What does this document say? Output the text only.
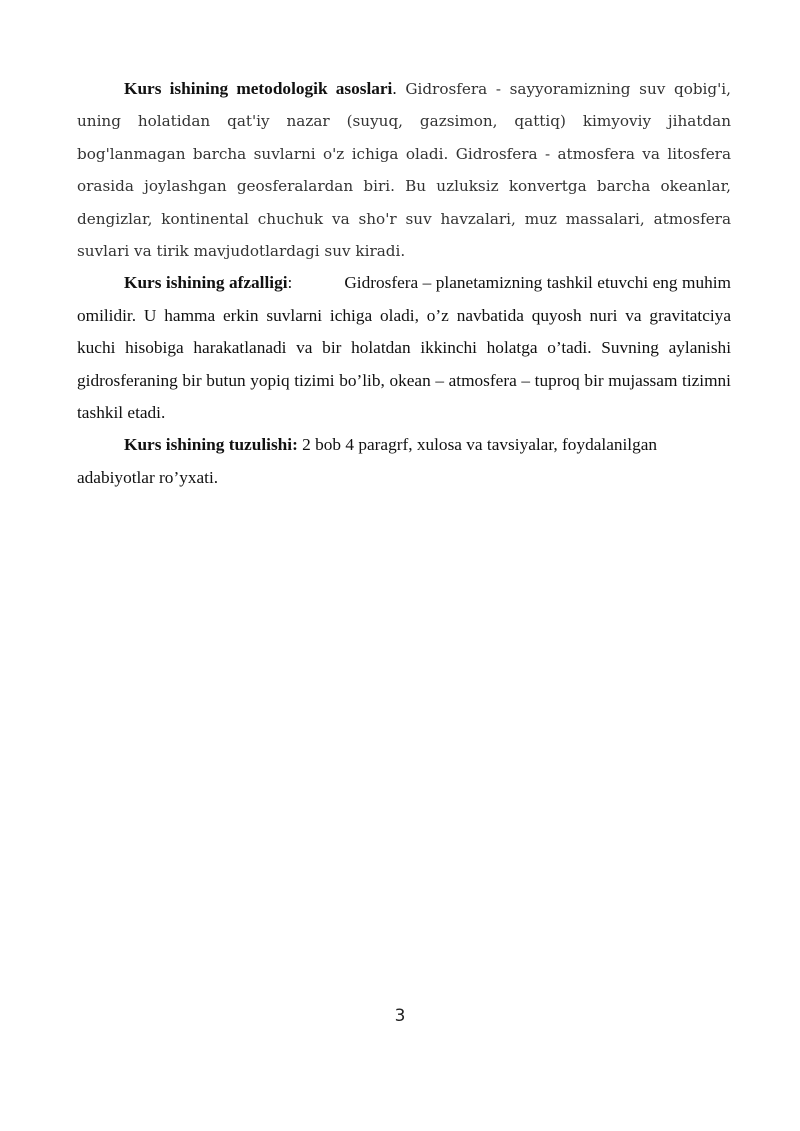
Kurs ishining metodologik asoslari. Gidrosfera - sayyoramizning suv qobig'i, uning holatidan qat'iy nazar (suyuq, gazsimon, qattiq) kimyoviy jihatdan bog'lanmagan barcha suvlarni o'z ichiga oladi. Gidrosfera - atmosfera va litosfera orasida joylashgan geosferalardan biri. Bu uzluksiz konvertga barcha okeanlar, dengizlar, kontinental chuchuk va sho'r suv havzalari, muz massalari, atmosfera suvlari va tirik mavjudotlardagi suv kiradi.

Kurs ishining afzalligi:	Gidrosfera – planetamizning tashkil etuvchi eng muhim omilidir. U hamma erkin suvlarni ichiga oladi, o’z navbatida quyosh nuri va gravitatciya kuchi hisobiga harakatlanadi va bir holatdan ikkinchi holatga o’tadi. Suvning aylanishi gidrosferaning bir butun yopiq tizimi bo’lib, okean – atmosfera – tuproq bir mujassam tizimni tashkil etadi.

Kurs ishining tuzulishi: 2 bob 4 paragrf, xulosa va tavsiyalar, foydalanilgan adabiyotlar ro’yxati.

3
